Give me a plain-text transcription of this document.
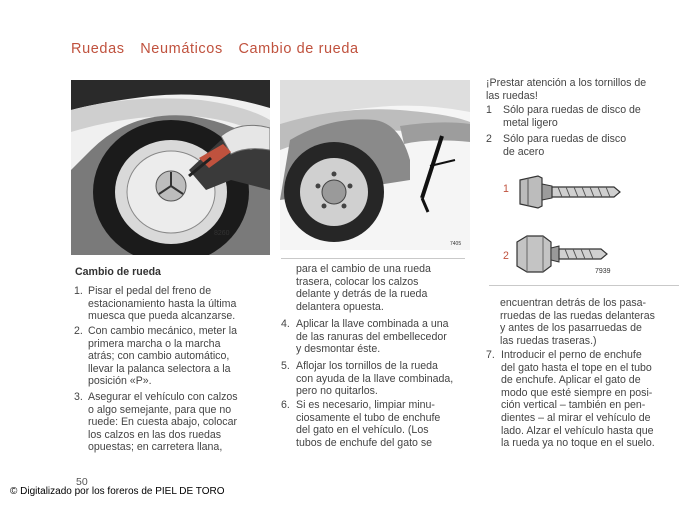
Ruedas Neumáticos Cambio de rueda
8260
7405
¡Prestar atención a los tornillos de
las ruedas!
1 Sólo para ruedas de disco de
metal ligero
2 Sólo para ruedas de disco
de acero
1
2
7939
Cambio de rueda
1. Pisar el pedal del freno de
estacionamiento hasta la última
muesca que pueda alcanzarse.
2. Con cambio mecánico, meter la
primera marcha o la marcha
atrás; con cambio automático,
llevar la palanca selectora a la
posición «P».
3. Asegurar el vehículo con calzos
o algo semejante, para que no
ruede: En cuesta abajo, colocar
los calzos en las dos ruedas
opuestas; en carretera llana,
para el cambio de una rueda
trasera, colocar los calzos
delante y detrás de la rueda
delantera opuesta.
4. Aplicar la llave combinada a una
de las ranuras del embellecedor
y desmontar éste.
5. Aflojar los tornillos de la rueda
con ayuda de la llave combinada,
pero no quitarlos.
6. Si es necesario, limpiar minu-
ciosamente el tubo de enchufe
del gato en el vehículo. (Los
tubos de enchufe del gato se
encuentran detrás de los pasa-
rruedas de las ruedas delanteras
y antes de los pasarruedas de
las ruedas traseras.)
7. Introducir el perno de enchufe
del gato hasta el tope en el tubo
de enchufe. Aplicar el gato de
modo que esté siempre en posi-
ción vertical – también en pen-
dientes – al mirar el vehículo de
lado. Alzar el vehículo hasta que
la rueda ya no toque en el suelo.
50
© Digitalizado por los foreros de PIEL DE TORO
